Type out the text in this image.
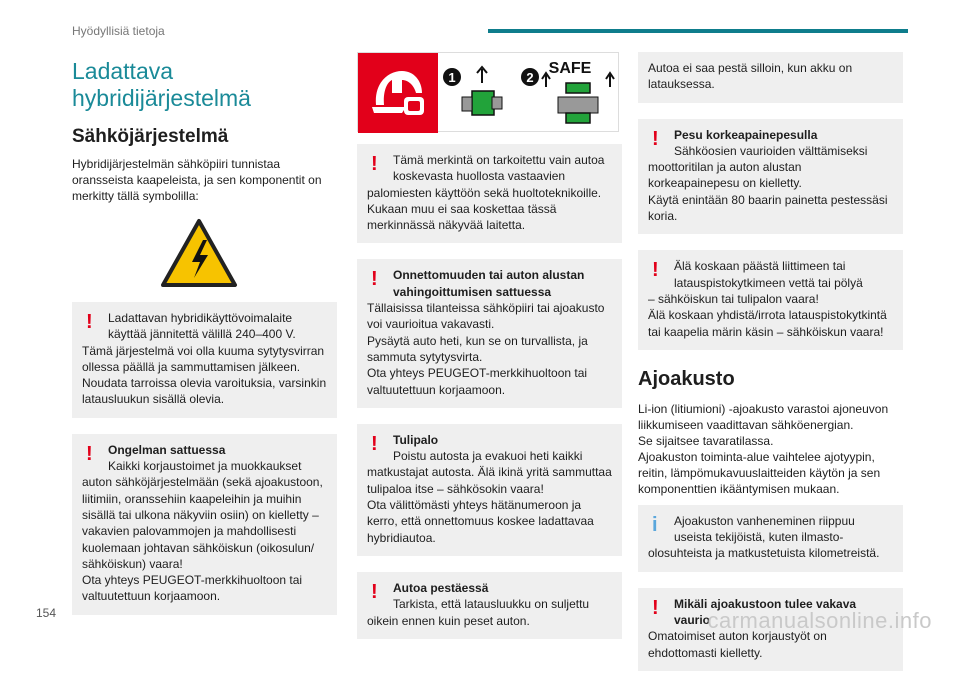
Hyödyllisiä tietoja
Ladattava
hybridijärjestelmä
Sähköjärjestelmä
Hybridijärjestelmän sähköpiiri tunnistaa oransseista kaapeleista, ja sen komponentit on merkitty tällä symbolilla:
!	Ladattavan hybridikäyttövoimalaite
käyttää jännitettä välillä 240–400 V.
Tämä järjestelmä voi olla kuuma sytytysvirran ollessa päällä ja sammuttamisen jälkeen. Noudata tarroissa olevia varoituksia, varsinkin latausluukun sisällä olevia.
!	Ongelman sattuessa
Kaikki korjaustoimet ja muokkaukset
auton sähköjärjestelmään (sekä ajoakustoon, liitimiin, oranssehiin kaapeleihin ja muihin sisällä tai ulkona näkyviin osiin) on kielletty – vakavien palovammojen ja mahdollisesti kuolemaan johtavan sähköiskun (oikosulun/ sähköiskun) vaara!
Ota yhteys PEUGEOT-merkkihuoltoon tai valtuutettuun korjaamoon.
1	2
SAFE
!	Tämä merkintä on tarkoitettu vain autoa
koskevasta huollosta vastaavien
palomiesten käyttöön sekä huoltoteknikoille. Kukaan muu ei saa koskettaa tässä merkinnässä näkyvää laitetta.
!	Onnettomuuden tai auton alustan
vahingoittumisen sattuessa
Tällaisissa tilanteissa sähköpiiri tai ajoakusto voi vaurioitua vakavasti.
Pysäytä auto heti, kun se on turvallista, ja sammuta sytytysvirta.
Ota yhteys PEUGEOT-merkkihuoltoon tai valtuutettuun korjaamoon.
!	Tulipalo
Poistu autosta ja evakuoi heti kaikki
matkustajat autosta. Älä ikinä yritä sammuttaa tulipaloa itse – sähkösokin vaara!
Ota välittömästi yhteys hätänumeroon ja kerro, että onnettomuus koskee ladattavaa hybridiautoa.
!	Autoa pestäessä
Tarkista, että latausluukku on suljettu
oikein ennen kuin peset auton.
Autoa ei saa pestä silloin, kun akku on latauksessa.
!	Pesu korkeapainepesulla
Sähköosien vaurioiden välttämiseksi
moottoritilan ja auton alustan korkeapainepesu on kielletty.
Käytä enintään 80 baarin painetta pestessäsi koria.
!	Älä koskaan päästä liittimeen tai
latauspistokytkimeen vettä tai pölyä
– sähköiskun tai tulipalon vaara!
Älä koskaan yhdistä/irrota latauspistokytkintä tai kaapelia märin käsin – sähköiskun vaara!
Ajoakusto
Li-ion (litiumioni) -ajoakusto varastoi ajoneuvon liikkumiseen vaadittavan sähköenergian.
Se sijaitsee tavaratilassa.
Ajoakuston toiminta-alue vaihtelee ajotyypin, reitin, lämpömukavuuslaitteiden käytön ja sen komponenttien ikääntymisen mukaan.
i	Ajoakuston vanheneminen riippuu
useista tekijöistä, kuten ilmasto-
olosuhteista ja matkustetuista kilometreistä.
!	Mikäli ajoakustoon tulee vakava
vaurio
Omatoimiset auton korjaustyöt on ehdottomasti kielletty.
154	carmanualsonline.info
